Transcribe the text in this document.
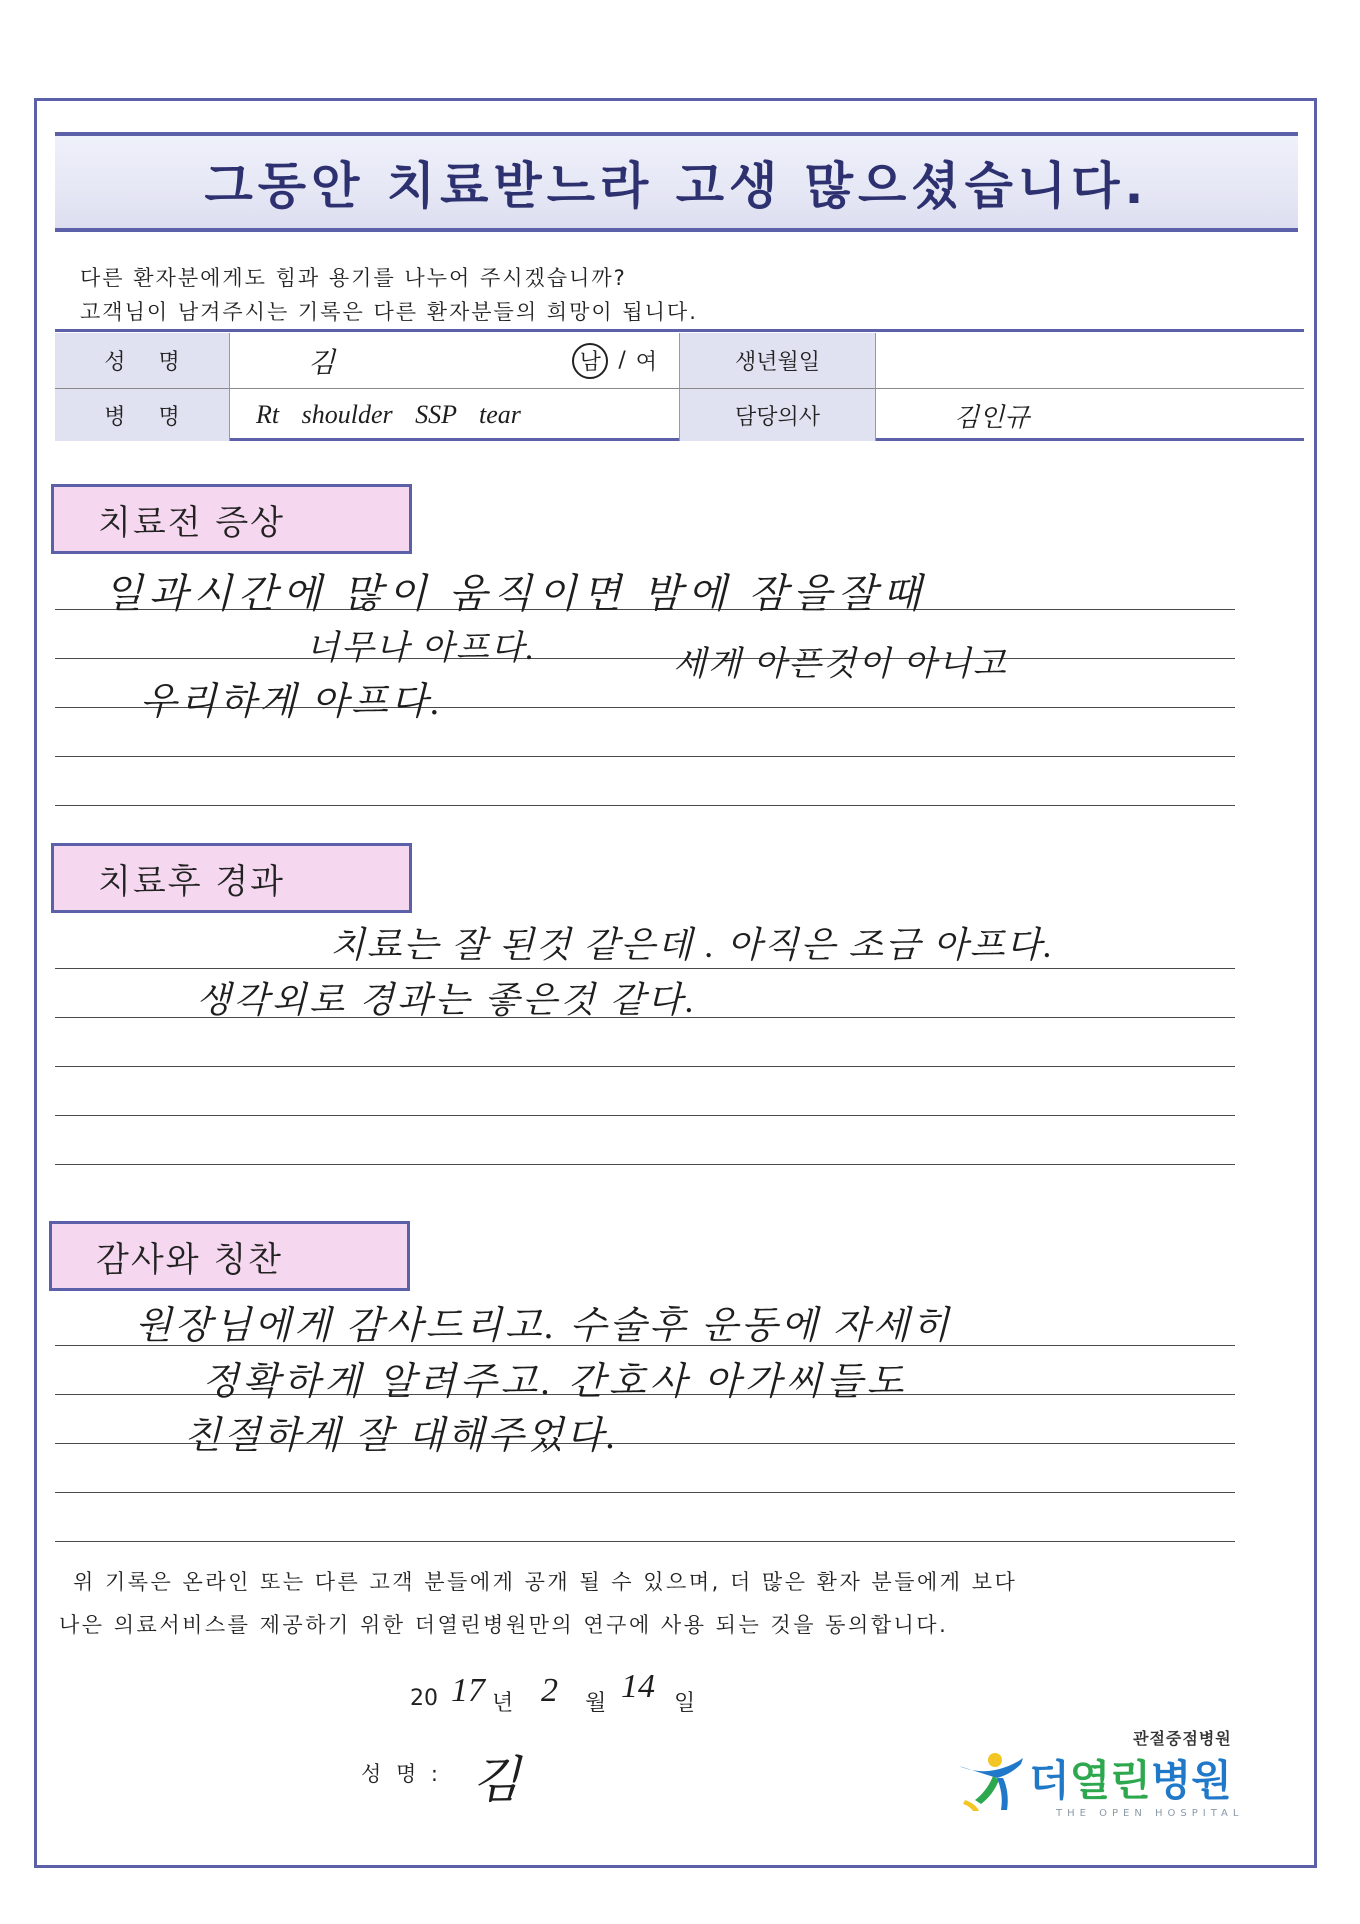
그동안 치료받느라 고생 많으셨습니다.
다른 환자분에게도 힘과 용기를 나누어 주시겠습니까?
고객님이 남겨주시는 기록은 다른 환자분들의 희망이 됩니다.
성 명	김	남 / 여	생년월일
병 명	Rt shoulder SSP tear	담당의사	김인규
치료전 증상
일과시간에 많이 움직이면 밤에 잠을잘때
너무나 아프다.	세게 아픈것이 아니고
우리하게 아프다.
치료후 경과
치료는 잘 된것 같은데 . 아직은 조금 아프다.
생각외로 경과는 좋은것 같다.
감사와 칭찬
원장님에게 감사드리고. 수술후 운동에 자세히
정확하게 알려주고. 간호사 아가씨들도
친절하게 잘 대해주었다.
위 기록은 온라인 또는 다른 고객 분들에게 공개 될 수 있으며, 더 많은 환자 분들에게 보다
나은 의료서비스를 제공하기 위한 더열린병원만의 연구에 사용 되는 것을 동의합니다.
20 17 년 2 월 14 일
성 명 : 김
관절중점병원
더열린병원
THE OPEN HOSPITAL
